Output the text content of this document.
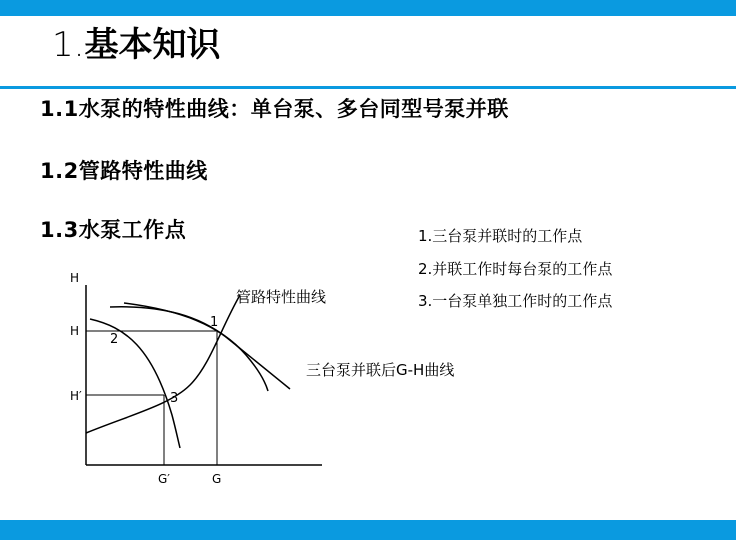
1.基本知识
1.1水泵的特性曲线：单台泵、多台同型号泵并联
1.2管路特性曲线
1.3水泵工作点	1.三台泵并联时的工作点
2.并联工作时每台泵的工作点
3.一台泵单独工作时的工作点
H
H
H′
G′	G
1
2
3
管路特性曲线
三台泵并联后G-H曲线
